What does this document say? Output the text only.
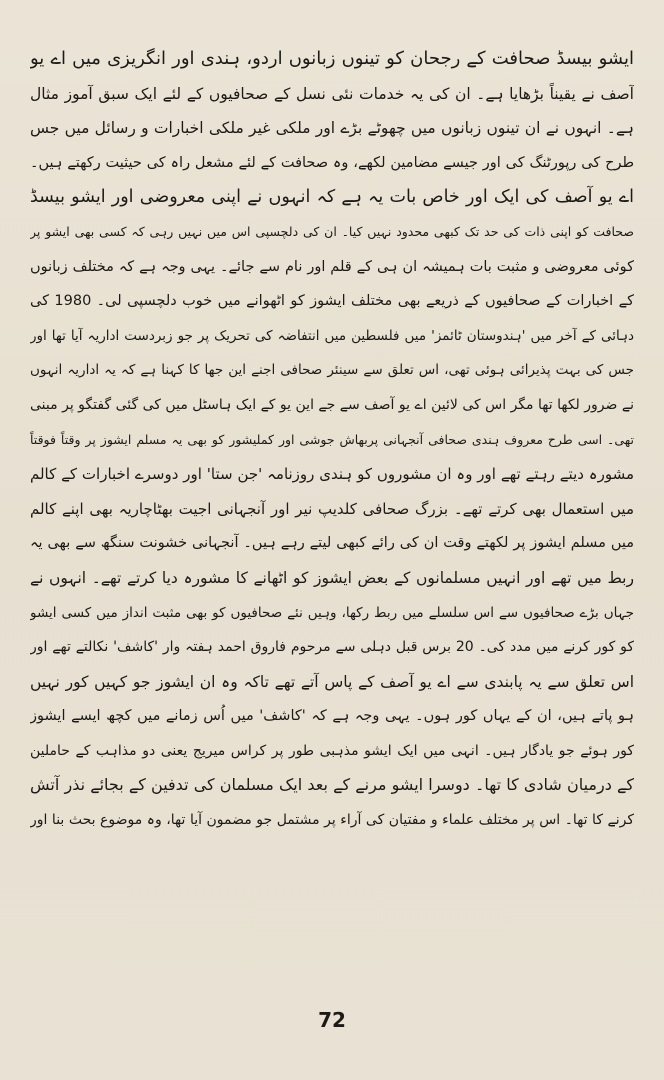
ایشو بیسڈ صحافت کے رجحان کو تینوں زبانوں اردو، ہندی اور انگریزی میں اے یو
آصف نے یقیناً بڑھایا ہے۔ ان کی یہ خدمات نئی نسل کے صحافیوں کے لئے ایک سبق آموز مثال
ہے۔ انہوں نے ان تینوں زبانوں میں چھوٹے بڑے اور ملکی غیر ملکی اخبارات و رسائل میں جس
طرح کی رپورٹنگ کی اور جیسے مضامین لکھے، وہ صحافت کے لئے مشعل راہ کی حیثیت رکھتے ہیں۔
اے یو آصف کی ایک اور خاص بات یہ ہے کہ انہوں نے اپنی معروضی اور ایشو بیسڈ
صحافت کو اپنی ذات کی حد تک کبھی محدود نہیں کیا۔ ان کی دلچسپی اس میں نہیں رہی کہ کسی بھی ایشو پر
کوئی معروضی و مثبت بات ہمیشہ ان ہی کے قلم اور نام سے جائے۔ یہی وجہ ہے کہ مختلف زبانوں
کے اخبارات کے صحافیوں کے ذریعے بھی مختلف ایشوز کو اٹھوانے میں خوب دلچسپی لی۔ 1980 کی
دہائی کے آخر میں 'ہندوستان ٹائمز' میں فلسطین میں انتفاضہ کی تحریک پر جو زبردست اداریہ آیا تھا اور
جس کی بہت پذیرائی ہوئی تھی، اس تعلق سے سینئر صحافی اجنے این جھا کا کہنا ہے کہ یہ اداریہ انہوں
نے ضرور لکھا تھا مگر اس کی لائین اے یو آصف سے جے این یو کے ایک ہاسٹل میں کی گئی گفتگو پر مبنی
تھی۔ اسی طرح معروف ہندی صحافی آنجہانی پربھاش جوشی اور کملیشور کو بھی یہ مسلم ایشوز پر وقتاً فوقتاً
مشورہ دیتے رہتے تھے اور وہ ان مشوروں کو ہندی روزنامہ 'جن ستا' اور دوسرے اخبارات کے کالم
میں استعمال بھی کرتے تھے۔ بزرگ صحافی کلدیپ نیر اور آنجہانی اجیت بھٹاچاریہ بھی اپنے کالم
میں مسلم ایشوز پر لکھتے وقت ان کی رائے کبھی لیتے رہے ہیں۔ آنجہانی خشونت سنگھ سے بھی یہ
ربط میں تھے اور انہیں مسلمانوں کے بعض ایشوز کو اٹھانے کا مشورہ دیا کرتے تھے۔ انہوں نے
جہاں بڑے صحافیوں سے اس سلسلے میں ربط رکھا، وہیں نئے صحافیوں کو بھی مثبت انداز میں کسی ایشو
کو کور کرنے میں مدد کی۔ 20 برس قبل دہلی سے مرحوم فاروق احمد ہفتہ وار 'کاشف' نکالتے تھے اور
اس تعلق سے یہ پابندی سے اے یو آصف کے پاس آتے تھے تاکہ وہ ان ایشوز جو کہیں کور نہیں
ہو پاتے ہیں، ان کے یہاں کور ہوں۔ یہی وجہ ہے کہ 'کاشف' میں اُس زمانے میں کچھ ایسے ایشوز
کور ہوئے جو یادگار ہیں۔ انہی میں ایک ایشو مذہبی طور پر کراس میریج یعنی دو مذاہب کے حاملین
کے درمیان شادی کا تھا۔ دوسرا ایشو مرنے کے بعد ایک مسلمان کی تدفین کے بجائے نذر آتش
کرنے کا تھا۔ اس پر مختلف علماء و مفتیان کی آراء پر مشتمل جو مضمون آیا تھا، وہ موضوع بحث بنا اور
72
